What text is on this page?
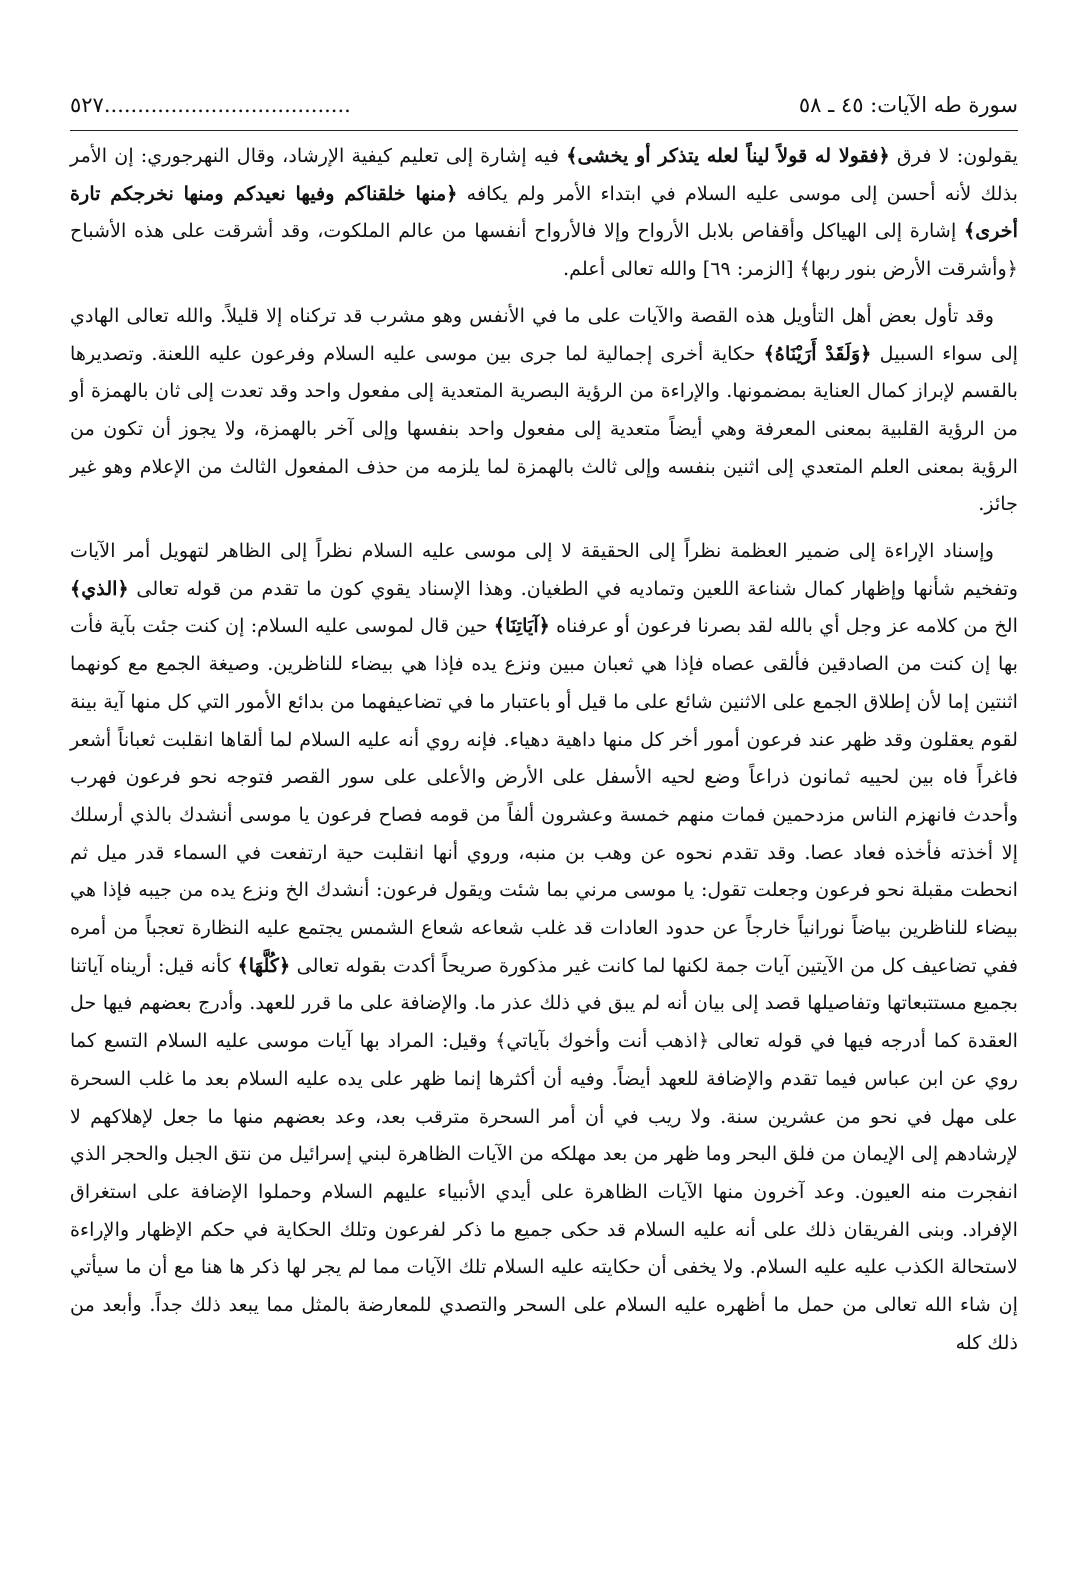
سورة طه الآيات: ٤٥ ـ ٥٨
٥٢٧.....................................

يقولون: لا فرق ﴿فقولا له قولاً ليناً لعله يتذكر أو يخشى﴾ فيه إشارة إلى تعليم كيفية الإرشاد، وقال النهرجوري: إن الأمر بذلك لأنه أحسن إلى موسى عليه السلام في ابتداء الأمر ولم يكافه ﴿منها خلقناكم وفيها نعيدكم ومنها نخرجكم تارة أخرى﴾ إشارة إلى الهياكل وأقفاص بلابل الأرواح وإلا فالأرواح أنفسها من عالم الملكوت، وقد أشرقت على هذه الأشباح ﴿وأشرقت الأرض بنور ربها﴾ [الزمر: ٦٩] والله تعالى أعلم.

وقد تأول بعض أهل التأويل هذه القصة والآيات على ما في الأنفس وهو مشرب قد تركناه إلا قليلاً. والله تعالى الهادي إلى سواء السبيل ﴿وَلَقَدْ أَرَيْنَاهُ﴾ حكاية أخرى إجمالية لما جرى بين موسى عليه السلام وفرعون عليه اللعنة. وتصديرها بالقسم لإبراز كمال العناية بمضمونها. والإراءة من الرؤية البصرية المتعدية إلى مفعول واحد وقد تعدت إلى ثان بالهمزة أو من الرؤية القلبية بمعنى المعرفة وهي أيضاً متعدية إلى مفعول واحد بنفسها وإلى آخر بالهمزة، ولا يجوز أن تكون من الرؤية بمعنى العلم المتعدي إلى اثنين بنفسه وإلى ثالث بالهمزة لما يلزمه من حذف المفعول الثالث من الإعلام وهو غير جائز.

وإسناد الإراءة إلى ضمير العظمة نظراً إلى الحقيقة لا إلى موسى عليه السلام نظراً إلى الظاهر لتهويل أمر الآيات وتفخيم شأنها وإظهار كمال شناعة اللعين وتماديه في الطغيان. وهذا الإسناد يقوي كون ما تقدم من قوله تعالى ﴿الذي﴾ الخ من كلامه عز وجل أي بالله لقد بصرنا فرعون أو عرفناه ﴿آيَاتِنَا﴾ حين قال لموسى عليه السلام: إن كنت جئت بآية فأت بها إن كنت من الصادقين فألقى عصاه فإذا هي ثعبان مبين ونزع يده فإذا هي بيضاء للناظرين. وصيغة الجمع مع كونهما اثنتين إما لأن إطلاق الجمع على الاثنين شائع على ما قيل أو باعتبار ما في تضاعيفهما من بدائع الأمور التي كل منها آية بينة لقوم يعقلون وقد ظهر عند فرعون أمور أخر كل منها داهية دهياء. فإنه روي أنه عليه السلام لما ألقاها انقلبت ثعباناً أشعر فاغراً فاه بين لحييه ثمانون ذراعاً وضع لحيه الأسفل على الأرض والأعلى على سور القصر فتوجه نحو فرعون فهرب وأحدث فانهزم الناس مزدحمين فمات منهم خمسة وعشرون ألفاً من قومه فصاح فرعون يا موسى أنشدك بالذي أرسلك إلا أخذته فأخذه فعاد عصا. وقد تقدم نحوه عن وهب بن منبه، وروي أنها انقلبت حية ارتفعت في السماء قدر ميل ثم انحطت مقبلة نحو فرعون وجعلت تقول: يا موسى مرني بما شئت ويقول فرعون: أنشدك الخ ونزع يده من جيبه فإذا هي بيضاء للناظرين بياضاً نورانياً خارجاً عن حدود العادات قد غلب شعاعه شعاع الشمس يجتمع عليه النظارة تعجباً من أمره ففي تضاعيف كل من الآيتين آيات جمة لكنها لما كانت غير مذكورة صريحاً أكدت بقوله تعالى ﴿كُلَّهَا﴾ كأنه قيل: أريناه آياتنا بجميع مستتبعاتها وتفاصيلها قصد إلى بيان أنه لم يبق في ذلك عذر ما. والإضافة على ما قرر للعهد. وأدرج بعضهم فيها حل العقدة كما أدرجه فيها في قوله تعالى ﴿اذهب أنت وأخوك بآياتي﴾ وقيل: المراد بها آيات موسى عليه السلام التسع كما روي عن ابن عباس فيما تقدم والإضافة للعهد أيضاً. وفيه أن أكثرها إنما ظهر على يده عليه السلام بعد ما غلب السحرة على مهل في نحو من عشرين سنة. ولا ريب في أن أمر السحرة مترقب بعد، وعد بعضهم منها ما جعل لإهلاكهم لا لإرشادهم إلى الإيمان من فلق البحر وما ظهر من بعد مهلكه من الآيات الظاهرة لبني إسرائيل من نتق الجبل والحجر الذي انفجرت منه العيون. وعد آخرون منها الآيات الظاهرة على أيدي الأنبياء عليهم السلام وحملوا الإضافة على استغراق الإفراد. وبنى الفريقان ذلك على أنه عليه السلام قد حكى جميع ما ذكر لفرعون وتلك الحكاية في حكم الإظهار والإراءة لاستحالة الكذب عليه عليه السلام. ولا يخفى أن حكايته عليه السلام تلك الآيات مما لم يجر لها ذكر ها هنا مع أن ما سيأتي إن شاء الله تعالى من حمل ما أظهره عليه السلام على السحر والتصدي للمعارضة بالمثل مما يبعد ذلك جداً. وأبعد من ذلك كله
